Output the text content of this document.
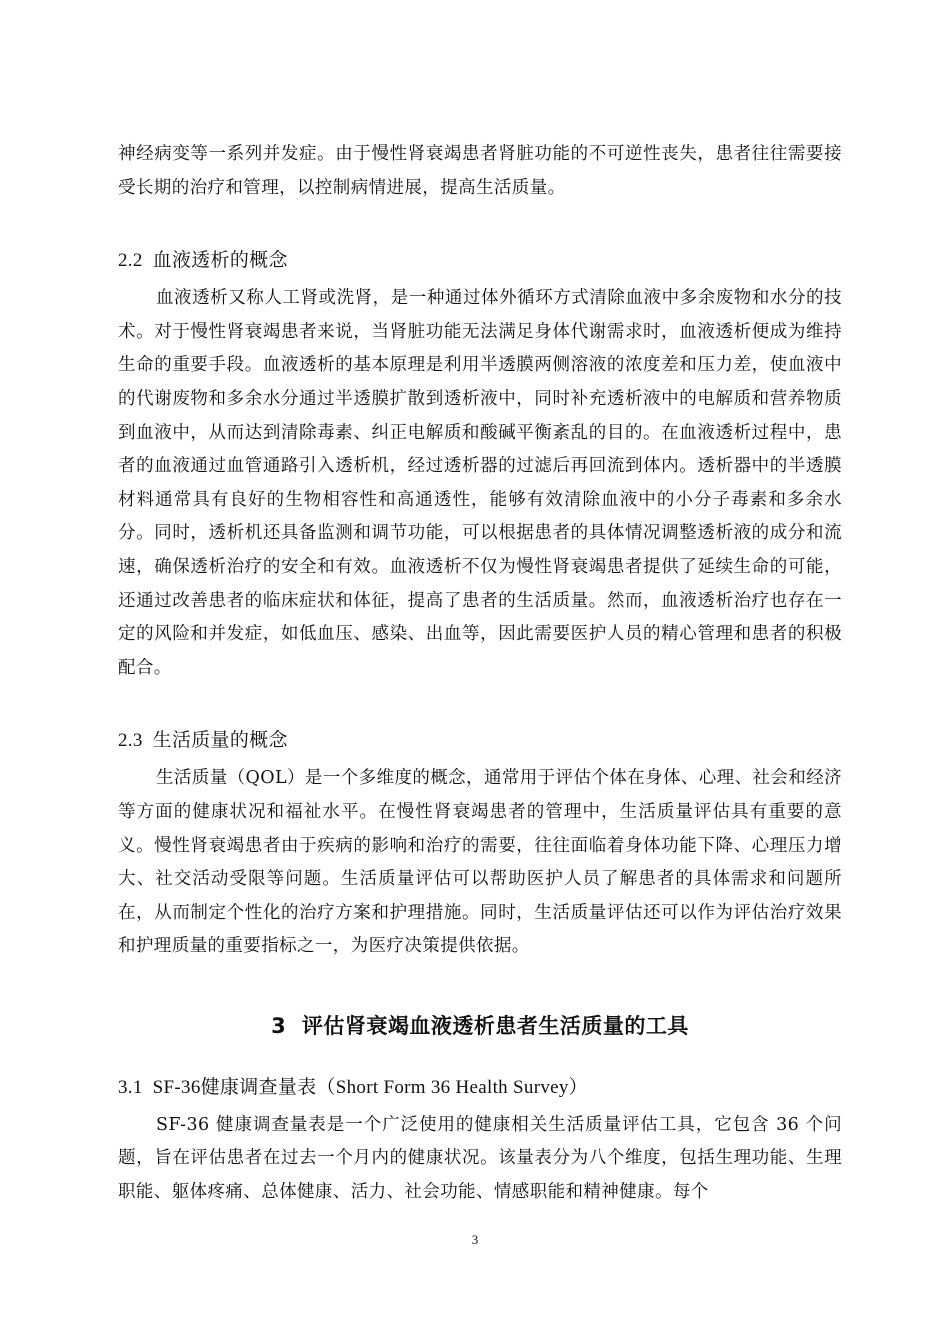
神经病变等一系列并发症。由于慢性肾衰竭患者肾脏功能的不可逆性丧失，患者往往需要接受长期的治疗和管理，以控制病情进展，提高生活质量。

2.2 血液透析的概念

血液透析又称人工肾或洗肾，是一种通过体外循环方式清除血液中多余废物和水分的技术。对于慢性肾衰竭患者来说，当肾脏功能无法满足身体代谢需求时，血液透析便成为维持生命的重要手段。血液透析的基本原理是利用半透膜两侧溶液的浓度差和压力差，使血液中的代谢废物和多余水分通过半透膜扩散到透析液中，同时补充透析液中的电解质和营养物质到血液中，从而达到清除毒素、纠正电解质和酸碱平衡紊乱的目的。在血液透析过程中，患者的血液通过血管通路引入透析机，经过透析器的过滤后再回流到体内。透析器中的半透膜材料通常具有良好的生物相容性和高通透性，能够有效清除血液中的小分子毒素和多余水分。同时，透析机还具备监测和调节功能，可以根据患者的具体情况调整透析液的成分和流速，确保透析治疗的安全和有效。血液透析不仅为慢性肾衰竭患者提供了延续生命的可能，还通过改善患者的临床症状和体征，提高了患者的生活质量。然而，血液透析治疗也存在一定的风险和并发症，如低血压、感染、出血等，因此需要医护人员的精心管理和患者的积极配合。

2.3 生活质量的概念

生活质量（QOL）是一个多维度的概念，通常用于评估个体在身体、心理、社会和经济等方面的健康状况和福祉水平。在慢性肾衰竭患者的管理中，生活质量评估具有重要的意义。慢性肾衰竭患者由于疾病的影响和治疗的需要，往往面临着身体功能下降、心理压力增大、社交活动受限等问题。生活质量评估可以帮助医护人员了解患者的具体需求和问题所在，从而制定个性化的治疗方案和护理措施。同时，生活质量评估还可以作为评估治疗效果和护理质量的重要指标之一，为医疗决策提供依据。

3 评估肾衰竭血液透析患者生活质量的工具
3.1 SF-36健康调查量表（Short Form 36 Health Survey）

SF-36 健康调查量表是一个广泛使用的健康相关生活质量评估工具，它包含 36 个问题，旨在评估患者在过去一个月内的健康状况。该量表分为八个维度，包括生理功能、生理职能、躯体疼痛、总体健康、活力、社会功能、情感职能和精神健康。每个

3
